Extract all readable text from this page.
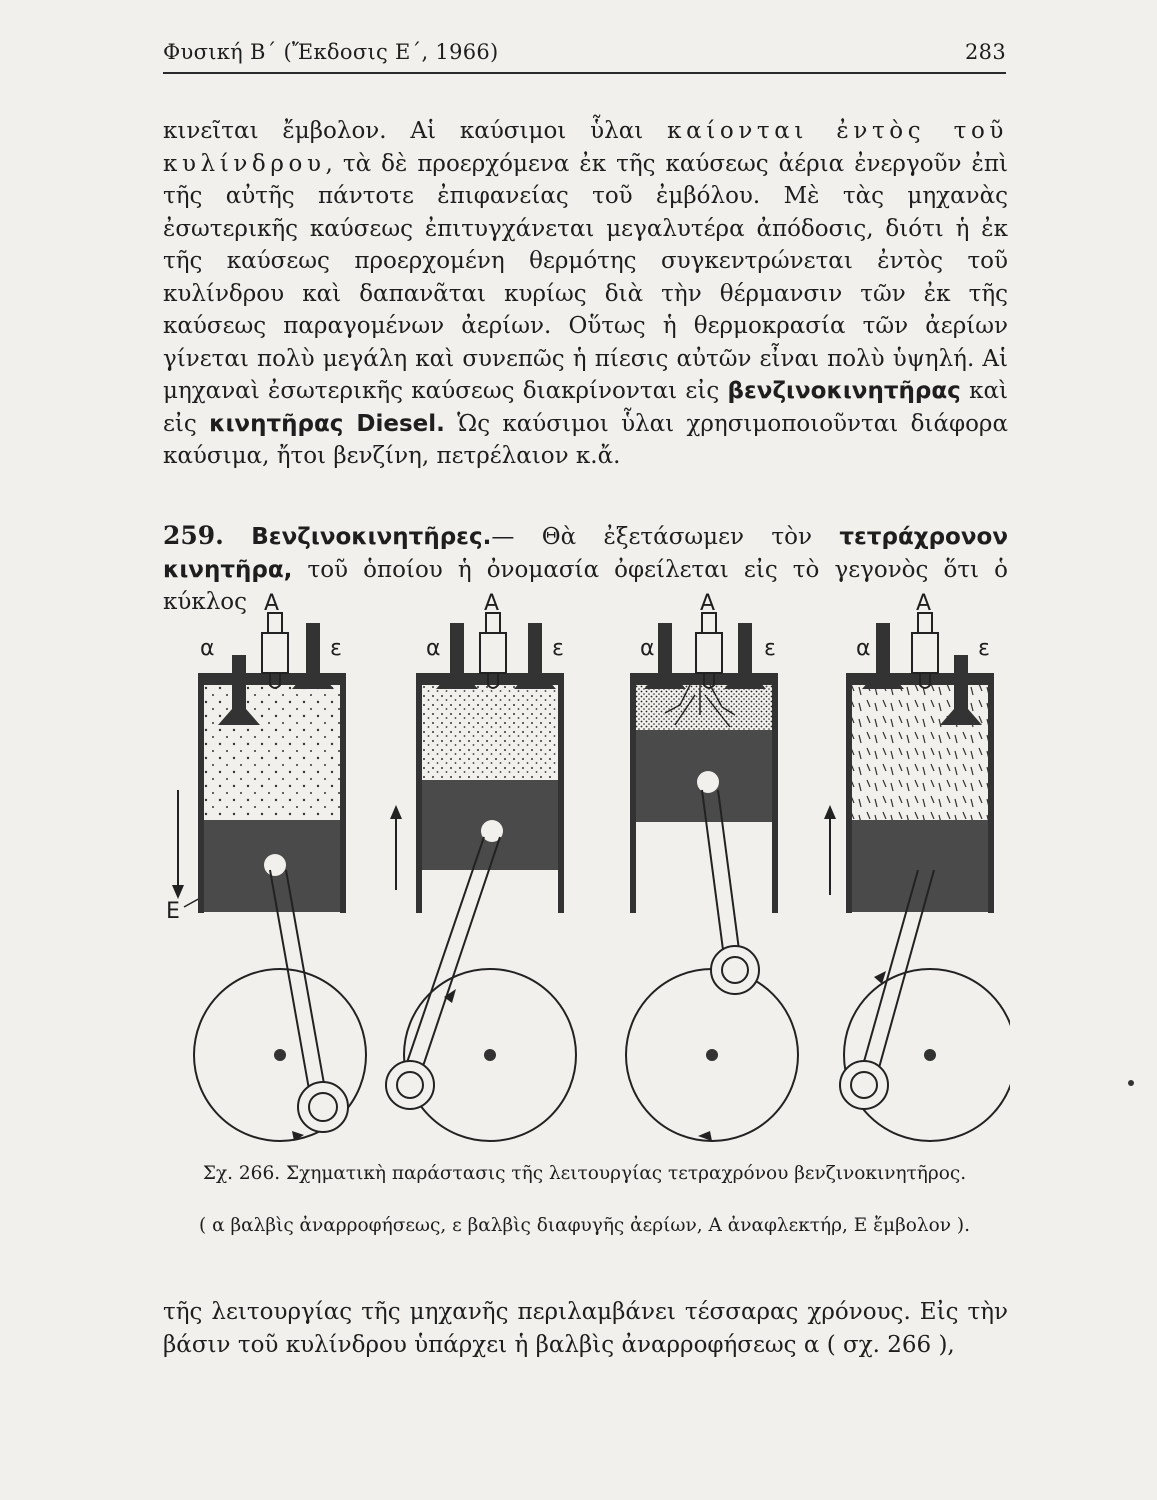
Φυσική Β΄ (Ἔκδοσις Ε΄, 1966)	283

κινεῖται ἔμβολον. Αἱ καύσιμοι ὗλαι καίονται ἐντὸς τοῦ κυλίνδρου, τὰ δὲ προερχόμενα ἐκ τῆς καύσεως ἀέρια ἐνεργοῦν ἐπὶ τῆς αὐτῆς πάντοτε ἐπιφανείας τοῦ ἐμβόλου. Μὲ τὰς μηχανὰς ἐσωτερικῆς καύσεως ἐπιτυγχάνεται μεγαλυτέρα ἀπόδοσις, διότι ἡ ἐκ τῆς καύσεως προερχομένη θερμότης συγκεντρώνεται ἐντὸς τοῦ κυλίνδρου καὶ δαπανᾶται κυρίως διὰ τὴν θέρμανσιν τῶν ἐκ τῆς καύσεως παραγομένων ἀερίων. Οὕτως ἡ θερμοκρασία τῶν ἀερίων γίνεται πολὺ μεγάλη καὶ συνεπῶς ἡ πίεσις αὐτῶν εἶναι πολὺ ὑψηλή. Αἱ μηχαναὶ ἐσωτερικῆς καύσεως διακρίνονται εἰς βενζινοκινητῆρας καὶ εἰς κινητῆρας Diesel. Ὡς καύσιμοι ὗλαι χρησιμοποιοῦνται διάφορα καύσιμα, ἤτοι βενζίνη, πετρέλαιον κ.ἄ.

259. Βενζινοκινητῆρες.— Θὰ ἐξετάσωμεν τὸν τετράχρονον κινητῆρα, τοῦ ὁποίου ἡ ὀνομασία ὀφείλεται εἰς τὸ γεγονὸς ὅτι ὁ κύκλος A
α	ε
E
A
α	ε
A
α	ε
A
α	ε

Σχ. 266. Σχηματικὴ παράστασις τῆς λειτουργίας τετραχρόνου βενζινοκινητῆρος.

( α βαλβὶς ἀναρροφήσεως, ε βαλβὶς διαφυγῆς ἀερίων, Α ἀναφλεκτήρ, Ε ἔμβολον ).

τῆς λειτουργίας τῆς μηχανῆς περιλαμβάνει τέσσαρας χρόνους. Εἰς τὴν βάσιν τοῦ κυλίνδρου ὑπάρχει ἡ βαλβὶς ἀναρροφήσεως α ( σχ. 266 ),
